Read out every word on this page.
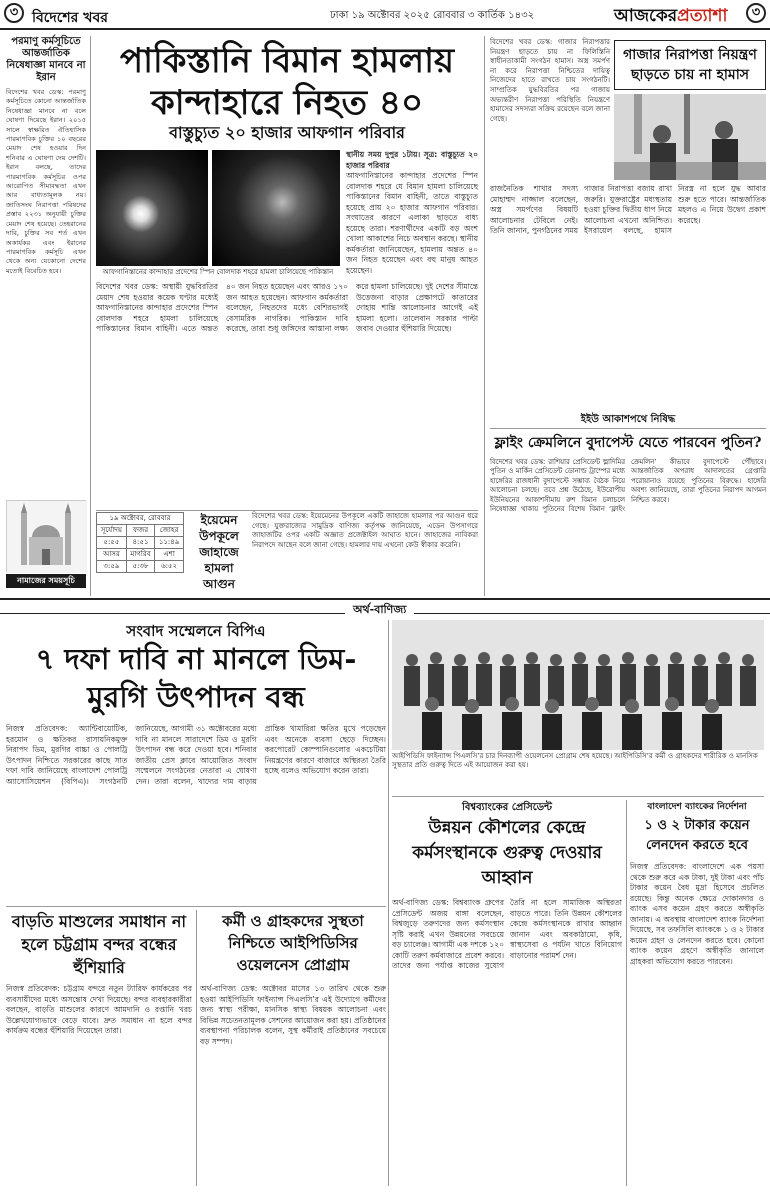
৩ বিদেশের খবর	ঢাকা ১৯ অক্টোবর ২০২৫ রোববার ৩ কার্তিক ১৪৩২	আজকেরপ্রত্যাশা	৩
পরমাণু কর্মসূচিতে আন্তর্জাতিক নিষেধাজ্ঞা মানবে না ইরান
বিদেশের খবর ডেস্ক: পরমাণু কর্মসূচিতে কোনো আন্তর্জাতিক নিষেধাজ্ঞা মানবে না বলে ঘোষণা দিয়েছে ইরান। ২০১৫ সালে স্বাক্ষরিত ঐতিহাসিক পারমাণবিক চুক্তির ১০ বছরের মেয়াদ শেষ হওয়ার দিন শনিবার এ ঘোষণা দেয় দেশটি। ইরান বলছে, তাদের পারমাণবিক কর্মসূচির ওপর আরোপিত সীমাবদ্ধতা এখন আর বাধ্যতামূলক নয়। জাতিসংঘ নিরাপত্তা পরিষদের প্রস্তাব ২২৩১ অনুযায়ী চুক্তির মেয়াদ শেষ হয়েছে। তেহরানের দাবি, চুক্তির সব শর্ত এখন অকার্যকর এবং ইরানের পারমাণবিক কর্মসূচি এখন থেকে অন্য যেকোনো দেশের মতোই বিবেচিত হবে।
নামাজের সময়সূচি
পাকিস্তানি বিমান হামলায় কান্দাহারে নিহত ৪০
বাস্তুচ্যুত ২০ হাজার আফগান পরিবার
স্থানীয় সময় দুপুর ১টায়। সূত্র: বাস্তুচ্যুত ২০ হাজার পরিবার
আফগানিস্তানের কান্দাহার প্রদেশের স্পিন বোলদাক শহরে যে বিমান হামলা চালিয়েছে পাকিস্তানের বিমান বাহিনী, তাতে বাস্তুচ্যুত হয়েছে প্রায় ২০ হাজার আফগান পরিবার। সংঘাতের কারণে এলাকা ছাড়তে বাধ্য হয়েছে তারা। শরণার্থীদের একটি বড় অংশ খোলা আকাশের নিচে অবস্থান করছে। স্থানীয় কর্মকর্তারা জানিয়েছেন, হামলায় অন্তত ৪০ জন নিহত হয়েছেন এবং বহু মানুষ আহত হয়েছেন।
আফগানিস্তানের কান্দাহার প্রদেশের স্পিন বোলদাক শহরে হামলা চালিয়েছে পাকিস্তান
বিদেশের খবর ডেস্ক: অস্থায়ী যুদ্ধবিরতির মেয়াদ শেষ হওয়ার কয়েক ঘণ্টার মধ্যেই আফগানিস্তানের কান্দাহার প্রদেশের স্পিন বোলদাক শহরে হামলা চালিয়েছে পাকিস্তানের বিমান বাহিনী। এতে অন্তত ৪০ জন নিহত হয়েছেন এবং আরও ১৭০ জন আহত হয়েছেন। আফগান কর্মকর্তারা বলেছেন, নিহতদের মধ্যে বেশিরভাগই বেসামরিক নাগরিক। পাকিস্তান দাবি করেছে, তারা শুধু জঙ্গিদের আস্তানা লক্ষ্য করে হামলা চালিয়েছে। দুই দেশের সীমান্তে উত্তেজনা বাড়ার প্রেক্ষাপটে কাতারের দোহায় শান্তি আলোচনার আগেই এই হামলা হলো। তালেবান সরকার পাল্টা জবাব দেওয়ার হুঁশিয়ারি দিয়েছে।
১৯ অক্টোবর, রোববার		
সূর্যোদয়	ফজর	জোহর
৫:৫৫	৪:৫১	১১:৪৯
আসর	মাগরিব	এশা
৩:৫৯	৫:৩৮	৬:৫২
ইয়েমেন উপকূলে জাহাজে হামলা আগুন
বিদেশের খবর ডেস্ক: ইয়েমেনের উপকূলে একটি জাহাজে হামলার পর আগুন ধরে গেছে। যুক্তরাজ্যের সামুদ্রিক বাণিজ্য কর্তৃপক্ষ জানিয়েছে, এডেন উপসাগরে জাহাজটির ওপর একটি অজ্ঞাত প্রজেক্টাইল আঘাত হানে। জাহাজের নাবিকরা নিরাপদে আছেন বলে জানা গেছে। হামলার দায় এখনো কেউ স্বীকার করেনি।
বিদেশের খবর ডেস্ক: গাজার নিরাপত্তার নিয়ন্ত্রণ ছাড়তে চায় না ফিলিস্তিনি স্বাধীনতাকামী সংগঠন হামাস। অস্ত্র সমর্পণ না করে নিরাপত্তা নিশ্চিতের দায়িত্ব নিজেদের হাতে রাখতে চায় সংগঠনটি। সাম্প্রতিক যুদ্ধবিরতির পর গাজায় অভ্যন্তরীণ নিরাপত্তা পরিস্থিতি নিয়ন্ত্রণে হামাসের সদস্যরা সক্রিয় রয়েছেন বলে জানা গেছে।
গাজার নিরাপত্তা নিয়ন্ত্রণ ছাড়তে চায় না হামাস
রাজনৈতিক শাখার সদস্য মোহাম্মদ নাজ্জাল বলেছেন, অস্ত্র সমর্পণের বিষয়টি আলোচনার টেবিলে নেই। তিনি জানান, পুনর্গঠনের সময় গাজার নিরাপত্তা বজায় রাখা জরুরি। যুক্তরাষ্ট্রের মধ্যস্থতায় হওয়া চুক্তির দ্বিতীয় ধাপ নিয়ে আলোচনা এখনো অনিশ্চিত। ইসরায়েল বলছে, হামাস নিরস্ত্র না হলে যুদ্ধ আবার শুরু হতে পারে। আন্তর্জাতিক মহলও এ নিয়ে উদ্বেগ প্রকাশ করেছে।
ইইউ আকাশপথে নিষিদ্ধ
ফ্লাইং ক্রেমলিনে বুদাপেস্ট যেতে পারবেন পুতিন?
বিদেশের খবর ডেস্ক: রাশিয়ার প্রেসিডেন্ট ভ্লাদিমির পুতিন ও মার্কিন প্রেসিডেন্ট ডোনাল্ড ট্রাম্পের মধ্যে হাঙ্গেরির রাজধানী বুদাপেস্টে সম্ভাব্য বৈঠক নিয়ে আলোচনা চলছে। তবে প্রশ্ন উঠেছে, ইউরোপীয় ইউনিয়নের আকাশসীমায় রুশ বিমান চলাচলে নিষেধাজ্ঞা থাকায় পুতিনের বিশেষ বিমান ‘ফ্লাইং ক্রেমলিন’ কীভাবে বুদাপেস্টে পৌঁছাবে। আন্তর্জাতিক অপরাধ আদালতের গ্রেপ্তারি পরোয়ানাও রয়েছে পুতিনের বিরুদ্ধে। হাঙ্গেরি অবশ্য জানিয়েছে, তারা পুতিনের নিরাপদ আগমন নিশ্চিত করবে।
অর্থ-বাণিজ্য
সংবাদ সম্মেলনে বিপিএ
৭ দফা দাবি না মানলে ডিম-মুরগি উৎপাদন বন্ধ
নিজস্ব প্রতিবেদক: অ্যান্টিবায়োটিক, হরমোন ও ক্ষতিকর রাসায়নিকমুক্ত নিরাপদ ডিম, মুরগির বাচ্চা ও পোলট্রি উৎপাদন নিশ্চিতে সরকারের কাছে সাত দফা দাবি জানিয়েছে বাংলাদেশ পোলট্রি অ্যাসোসিয়েশন (বিপিএ)। সংগঠনটি জানিয়েছে, আগামী ৩১ অক্টোবরের মধ্যে দাবি না মানলে সারাদেশে ডিম ও মুরগি উৎপাদন বন্ধ করে দেওয়া হবে। শনিবার জাতীয় প্রেস ক্লাবে আয়োজিত সংবাদ সম্মেলনে সংগঠনের নেতারা এ ঘোষণা দেন। তারা বলেন, খাদ্যের দাম বাড়ায় প্রান্তিক খামারিরা ক্ষতির মুখে পড়েছেন এবং অনেকে ব্যবসা ছেড়ে দিচ্ছেন। করপোরেট কোম্পানিগুলোর একচেটিয়া নিয়ন্ত্রণের কারণে বাজারে অস্থিরতা তৈরি হচ্ছে বলেও অভিযোগ করেন তারা।
আইপিডিসি ফাইন্যান্স পিএলসি’র চার দিনব্যাপী ওয়েলনেস প্রোগ্রাম শেষ হয়েছে। আইপিডিসি’র কর্মী ও গ্রাহকদের শারীরিক ও মানসিক সুস্থতার প্রতি গুরুত্ব দিতে এই আয়োজন করা হয়।
বাড়তি মাশুলের সমাধান না হলে চট্টগ্রাম বন্দর বন্ধের হুঁশিয়ারি
নিজস্ব প্রতিবেদক: চট্টগ্রাম বন্দরে নতুন ট্যারিফ কার্যকরের পর ব্যবসায়ীদের মধ্যে অসন্তোষ দেখা দিয়েছে। বন্দর ব্যবহারকারীরা বলছেন, বাড়তি মাশুলের কারণে আমদানি ও রপ্তানি খরচ উল্লেখযোগ্যভাবে বেড়ে যাবে। দ্রুত সমাধান না হলে বন্দর কার্যক্রম বন্ধের হুঁশিয়ারি দিয়েছেন তারা।
কর্মী ও গ্রাহকদের সুস্থতা নিশ্চিতে আইপিডিসির ওয়েলনেস প্রোগ্রাম
অর্থ-বাণিজ্য ডেস্ক: অক্টোবর মাসের ১৩ তারিখ থেকে শুরু হওয়া আইপিডিসি ফাইন্যান্স পিএলসি’র এই উদ্যোগে কর্মীদের জন্য স্বাস্থ্য পরীক্ষা, মানসিক স্বাস্থ্য বিষয়ক আলোচনা এবং বিভিন্ন সচেতনতামূলক সেশনের আয়োজন করা হয়। প্রতিষ্ঠানের ব্যবস্থাপনা পরিচালক বলেন, সুস্থ কর্মীরাই প্রতিষ্ঠানের সবচেয়ে বড় সম্পদ।
বিশ্বব্যাংকের প্রেসিডেন্ট
উন্নয়ন কৌশলের কেন্দ্রে কর্মসংস্থানকে গুরুত্ব দেওয়ার আহ্বান
অর্থ-বাণিজ্য ডেস্ক: বিশ্বব্যাংক গ্রুপের প্রেসিডেন্ট অজয় বাঙ্গা বলেছেন, বিশ্বজুড়ে তরুণদের জন্য কর্মসংস্থান সৃষ্টি করাই এখন উন্নয়নের সবচেয়ে বড় চ্যালেঞ্জ। আগামী এক দশকে ১২০ কোটি তরুণ কর্মবাজারে প্রবেশ করবে। তাদের জন্য পর্যাপ্ত কাজের সুযোগ তৈরি না হলে সামাজিক অস্থিরতা বাড়তে পারে। তিনি উন্নয়ন কৌশলের কেন্দ্রে কর্মসংস্থানকে রাখার আহ্বান জানান এবং অবকাঠামো, কৃষি, স্বাস্থ্যসেবা ও পর্যটন খাতে বিনিয়োগ বাড়ানোর পরামর্শ দেন।
বাংলাদেশ ব্যাংকের নির্দেশনা
১ ও ২ টাকার কয়েন লেনদেন করতে হবে
নিজস্ব প্রতিবেদক: বাংলাদেশে এক পয়সা থেকে শুরু করে এক টাকা, দুই টাকা এবং পাঁচ টাকার কয়েন বৈধ মুদ্রা হিসেবে প্রচলিত রয়েছে। কিন্তু অনেক ক্ষেত্রে দোকানদার ও ব্যাংক এসব কয়েন গ্রহণ করতে অস্বীকৃতি জানায়। এ অবস্থায় বাংলাদেশ ব্যাংক নির্দেশনা দিয়েছে, সব তফসিলি ব্যাংককে ১ ও ২ টাকার কয়েন গ্রহণ ও লেনদেন করতে হবে। কোনো ব্যাংক কয়েন গ্রহণে অস্বীকৃতি জানালে গ্রাহকরা অভিযোগ করতে পারবেন।
